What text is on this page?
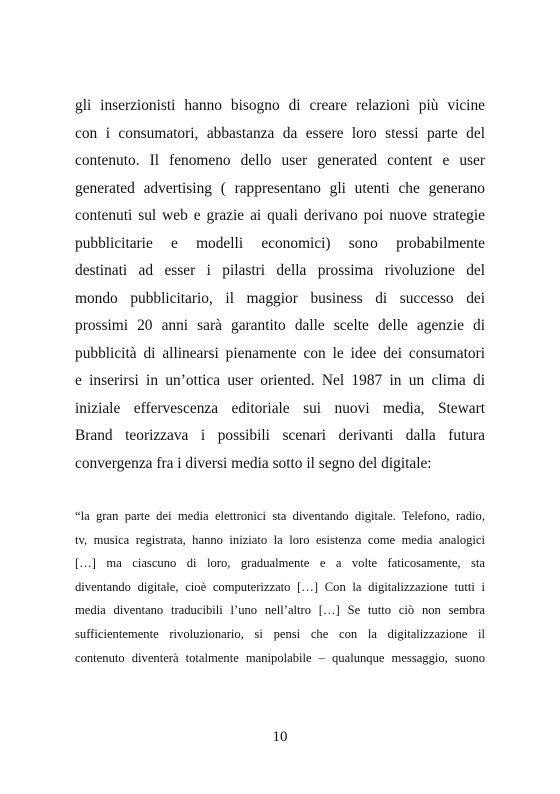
gli inserzionisti hanno bisogno di creare relazioni più vicine
con i consumatori, abbastanza da essere loro stessi parte del
contenuto. Il fenomeno dello user generated content e user
generated advertising ( rappresentano gli utenti che generano
contenuti sul web e grazie ai quali derivano poi nuove strategie
pubblicitarie e modelli economici) sono probabilmente
destinati ad esser i pilastri della prossima rivoluzione del
mondo pubblicitario, il maggior business di successo dei
prossimi 20 anni sarà garantito dalle scelte delle agenzie di
pubblicità di allinearsi pienamente con le idee dei consumatori
e inserirsi in un’ottica user oriented. Nel 1987 in un clima di
iniziale effervescenza editoriale sui nuovi media, Stewart
Brand teorizzava i possibili scenari derivanti dalla futura
convergenza fra i diversi media sotto il segno del digitale:
“la gran parte dei media elettronici sta diventando digitale. Telefono, radio,
tv, musica registrata, hanno iniziato la loro esistenza come media analogici
[…] ma ciascuno di loro, gradualmente e a volte faticosamente, sta
diventando digitale, cioè computerizzato […] Con la digitalizzazione tutti i
media diventano traducibili l’uno nell’altro […] Se tutto ciò non sembra
sufficientemente rivoluzionario, si pensi che con la digitalizzazione il
contenuto diventerà totalmente manipolabile – qualunque messaggio, suono
10
